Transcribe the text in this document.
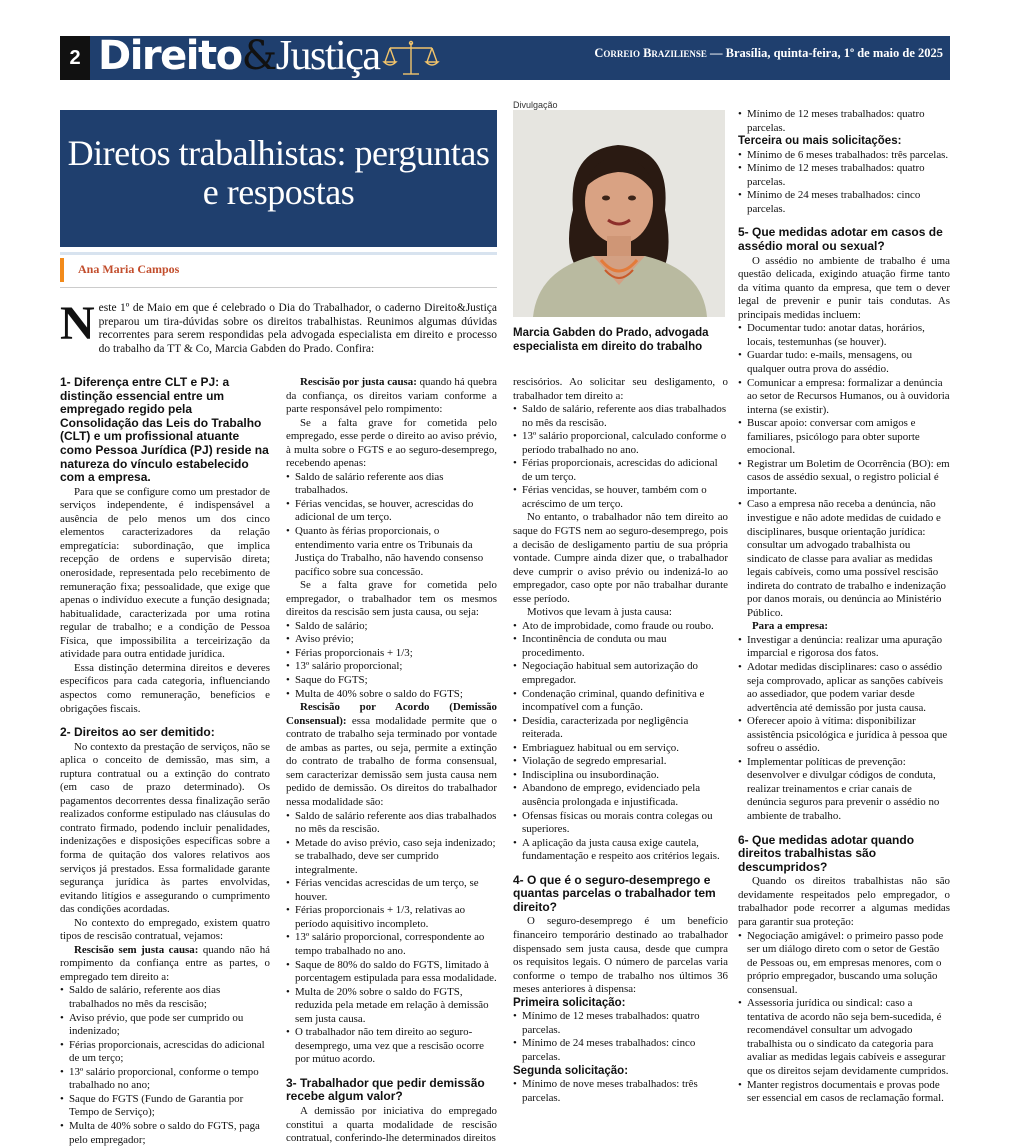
2 Direito&Justiça	Correio Braziliense — Brasília, quinta-feira, 1º de maio de 2025
Diretos trabalhistas: perguntas e respostas
Ana Maria Campos
Divulgação
Marcia Gabden do Prado, advogada especialista em direito do trabalho
Neste 1º de Maio em que é celebrado o Dia do Trabalhador, o caderno Direito&Justiça preparou um tira-dúvidas sobre os direitos trabalhistas. Reunimos algumas dúvidas recorrentes para serem respondidas pela advogada especialista em direito e processo do trabalho da TT & Co, Marcia Gabden do Prado. Confira:
1- Diferença entre CLT e PJ: a distinção essencial entre um empregado regido pela Consolidação das Leis do Trabalho (CLT) e um profissional atuante como Pessoa Jurídica (PJ) reside na natureza do vínculo estabelecido com a empresa.

Para que se configure como um prestador de serviços independente, é indispensável a ausência de pelo menos um dos cinco elementos caracterizadores da relação empregatícia: subordinação, que implica recepção de ordens e supervisão direta; onerosidade, representada pelo recebimento de remuneração fixa; pessoalidade, que exige que apenas o indivíduo execute a função designada; habitualidade, caracterizada por uma rotina regular de trabalho; e a condição de Pessoa Física, que impossibilita a terceirização da atividade para outra entidade jurídica.

Essa distinção determina direitos e deveres específicos para cada categoria, influenciando aspectos como remuneração, benefícios e obrigações fiscais.

2- Direitos ao ser demitido:

No contexto da prestação de serviços, não se aplica o conceito de demissão, mas sim, a ruptura contratual ou a extinção do contrato (em caso de prazo determinado). Os pagamentos decorrentes dessa finalização serão realizados conforme estipulado nas cláusulas do contrato firmado, podendo incluir penalidades, indenizações e disposições específicas sobre a forma de quitação dos valores relativos aos serviços já prestados. Essa formalidade garante segurança jurídica às partes envolvidas, evitando litígios e assegurando o cumprimento das condições acordadas.

No contexto do empregado, existem quatro tipos de rescisão contratual, vejamos:

Rescisão sem justa causa: quando não há rompimento da confiança entre as partes, o empregado tem direito a:

• Saldo de salário, referente aos dias trabalhados no mês da rescisão;
• Aviso prévio, que pode ser cumprido ou indenizado;
• Férias proporcionais, acrescidas do adicional de um terço;
• 13º salário proporcional, conforme o tempo trabalhado no ano;
• Saque do FGTS (Fundo de Garantia por Tempo de Serviço);
• Multa de 40% sobre o saldo do FGTS, paga pelo empregador;

Rescisão por justa causa: quando há quebra da confiança, os direitos variam conforme a parte responsável pelo rompimento:

Se a falta grave for cometida pelo empregado, esse perde o direito ao aviso prévio, à multa sobre o FGTS e ao seguro-desemprego, recebendo apenas:

• Saldo de salário referente aos dias trabalhados.
• Férias vencidas, se houver, acrescidas do adicional de um terço.
• Quanto às férias proporcionais, o entendimento varia entre os Tribunais da Justiça do Trabalho, não havendo consenso pacífico sobre sua concessão.

Se a falta grave for cometida pelo empregador, o trabalhador tem os mesmos direitos da rescisão sem justa causa, ou seja:

• Saldo de salário;
• Aviso prévio;
• Férias proporcionais + 1/3;
• 13º salário proporcional;
• Saque do FGTS;
• Multa de 40% sobre o saldo do FGTS;

Rescisão por Acordo (Demissão Consensual): essa modalidade permite que o contrato de trabalho seja terminado por vontade de ambas as partes, ou seja, permite a extinção do contrato de trabalho de forma consensual, sem caracterizar demissão sem justa causa nem pedido de demissão. Os direitos do trabalhador nessa modalidade são:

• Saldo de salário referente aos dias trabalhados no mês da rescisão.
• Metade do aviso prévio, caso seja indenizado; se trabalhado, deve ser cumprido integralmente.
• Férias vencidas acrescidas de um terço, se houver.
• Férias proporcionais + 1/3, relativas ao período aquisitivo incompleto.
• 13º salário proporcional, correspondente ao tempo trabalhado no ano.
• Saque de 80% do saldo do FGTS, limitado à porcentagem estipulada para essa modalidade.
• Multa de 20% sobre o saldo do FGTS, reduzida pela metade em relação à demissão sem justa causa.
• O trabalhador não tem direito ao seguro-desemprego, uma vez que a rescisão ocorre por mútuo acordo.
3- Trabalhador que pedir demissão recebe algum valor?

A demissão por iniciativa do empregado constitui a quarta modalidade de rescisão contratual, conferindo-lhe determinados direitos

rescisórios. Ao solicitar seu desligamento, o trabalhador tem direito a:

• Saldo de salário, referente aos dias trabalhados no mês da rescisão.
• 13º salário proporcional, calculado conforme o período trabalhado no ano.
• Férias proporcionais, acrescidas do adicional de um terço.
• Férias vencidas, se houver, também com o acréscimo de um terço.

No entanto, o trabalhador não tem direito ao saque do FGTS nem ao seguro-desemprego, pois a decisão de desligamento partiu de sua própria vontade. Cumpre ainda dizer que, o trabalhador deve cumprir o aviso prévio ou indenizá-lo ao empregador, caso opte por não trabalhar durante esse período.

Motivos que levam à justa causa:

• Ato de improbidade, como fraude ou roubo.
• Incontinência de conduta ou mau procedimento.
• Negociação habitual sem autorização do empregador.
• Condenação criminal, quando definitiva e incompatível com a função.
• Desídia, caracterizada por negligência reiterada.
• Embriaguez habitual ou em serviço.
• Violação de segredo empresarial.
• Indisciplina ou insubordinação.
• Abandono de emprego, evidenciado pela ausência prolongada e injustificada.
• Ofensas físicas ou morais contra colegas ou superiores.
• A aplicação da justa causa exige cautela, fundamentação e respeito aos critérios legais.
4- O que é o seguro-desemprego e quantas parcelas o trabalhador tem direito?

O seguro-desemprego é um benefício financeiro temporário destinado ao trabalhador dispensado sem justa causa, desde que cumpra os requisitos legais. O número de parcelas varia conforme o tempo de trabalho nos últimos 36 meses anteriores à dispensa:

Primeira solicitação:
• Mínimo de 12 meses trabalhados: quatro parcelas.
• Mínimo de 24 meses trabalhados: cinco parcelas.
Segunda solicitação:
• Mínimo de nove meses trabalhados: três parcelas.
• Mínimo de 12 meses trabalhados: quatro parcelas.
Terceira ou mais solicitações:
• Mínimo de 6 meses trabalhados: três parcelas.
• Mínimo de 12 meses trabalhados: quatro parcelas.
• Mínimo de 24 meses trabalhados: cinco parcelas.
5- Que medidas adotar em casos de assédio moral ou sexual?

O assédio no ambiente de trabalho é uma questão delicada, exigindo atuação firme tanto da vítima quanto da empresa, que tem o dever legal de prevenir e punir tais condutas. As principais medidas incluem:

• Documentar tudo: anotar datas, horários, locais, testemunhas (se houver).
• Guardar tudo: e-mails, mensagens, ou qualquer outra prova do assédio.
• Comunicar a empresa: formalizar a denúncia ao setor de Recursos Humanos, ou à ouvidoria interna (se existir).
• Buscar apoio: conversar com amigos e familiares, psicólogo para obter suporte emocional.
• Registrar um Boletim de Ocorrência (BO): em casos de assédio sexual, o registro policial é importante.
• Caso a empresa não receba a denúncia, não investigue e não adote medidas de cuidado e disciplinares, busque orientação jurídica: consultar um advogado trabalhista ou sindicato de classe para avaliar as medidas legais cabíveis, como uma possível rescisão indireta do contrato de trabalho e indenização por danos morais, ou denúncia ao Ministério Público.
Para a empresa:
• Investigar a denúncia: realizar uma apuração imparcial e rigorosa dos fatos.
• Adotar medidas disciplinares: caso o assédio seja comprovado, aplicar as sanções cabíveis ao assediador, que podem variar desde advertência até demissão por justa causa.
• Oferecer apoio à vítima: disponibilizar assistência psicológica e jurídica à pessoa que sofreu o assédio.
• Implementar políticas de prevenção: desenvolver e divulgar códigos de conduta, realizar treinamentos e criar canais de denúncia seguros para prevenir o assédio no ambiente de trabalho.
6- Que medidas adotar quando direitos trabalhistas são descumpridos?

Quando os direitos trabalhistas não são devidamente respeitados pelo empregador, o trabalhador pode recorrer a algumas medidas para garantir sua proteção:

• Negociação amigável: o primeiro passo pode ser um diálogo direto com o setor de Gestão de Pessoas ou, em empresas menores, com o próprio empregador, buscando uma solução consensual.
• Assessoria jurídica ou sindical: caso a tentativa de acordo não seja bem-sucedida, é recomendável consultar um advogado trabalhista ou o sindicato da categoria para avaliar as medidas legais cabíveis e assegurar que os direitos sejam devidamente cumpridos.
• Manter registros documentais e provas pode ser essencial em casos de reclamação formal.
